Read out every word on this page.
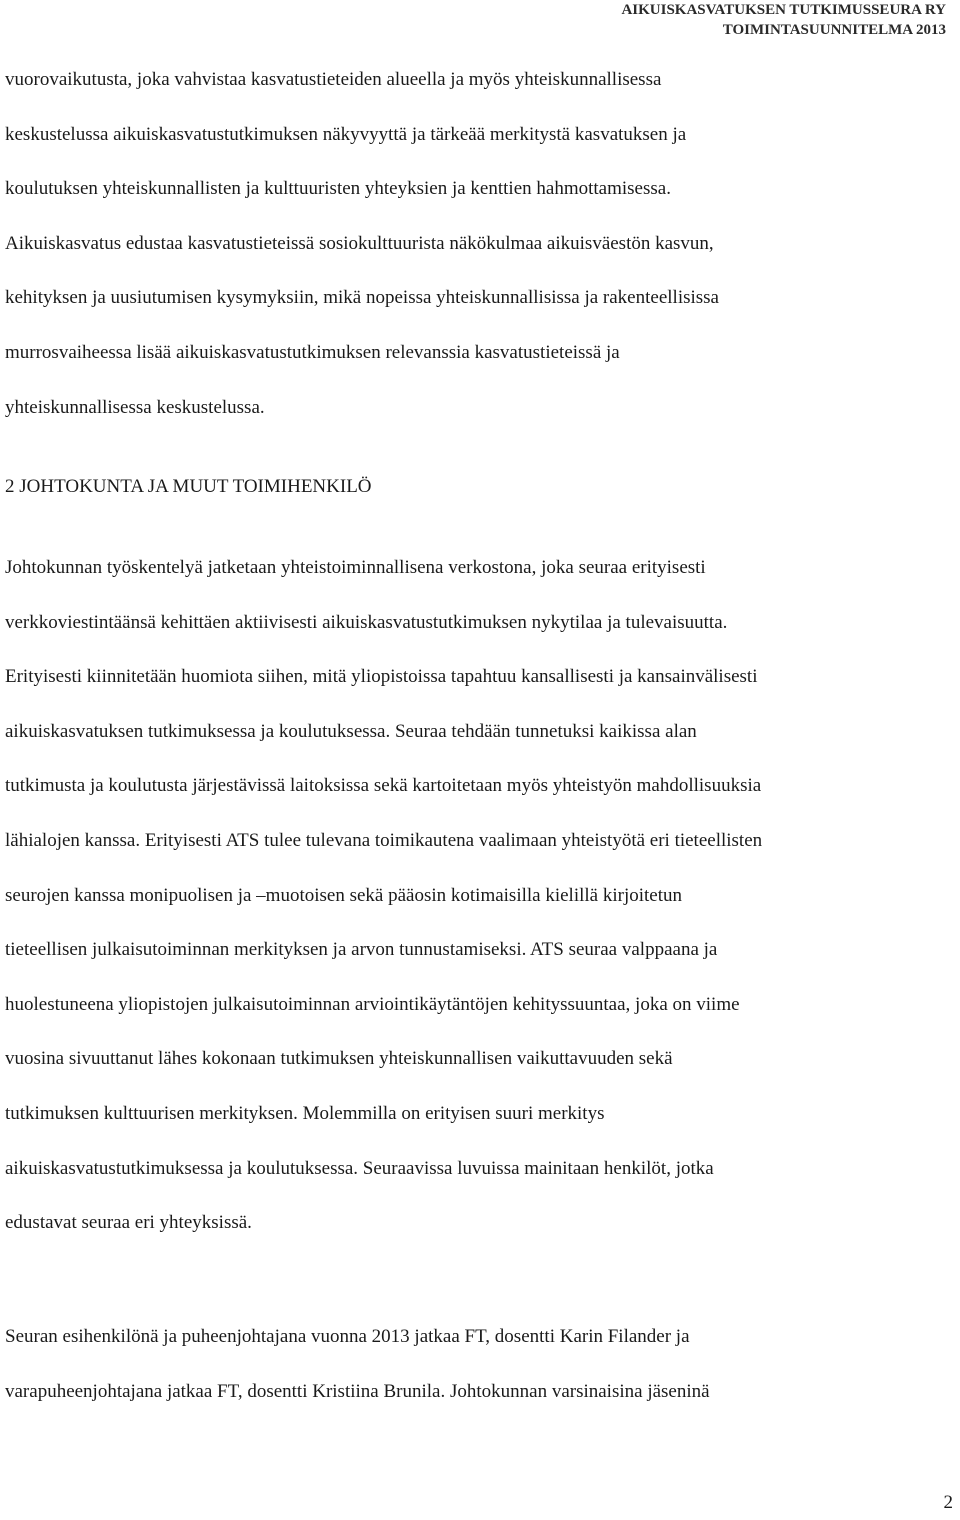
AIKUISKASVATUKSEN TUTKIMUSSEURA RY
TOIMINTASUUNNITELMA 2013
vuorovaikutusta, joka vahvistaa kasvatustieteiden alueella ja myös yhteiskunnallisessa
keskustelussa aikuiskasvatustutkimuksen näkyvyyttä ja tärkeää merkitystä kasvatuksen ja
koulutuksen yhteiskunnallisten ja kulttuuristen yhteyksien ja kenttien hahmottamisessa.
Aikuiskasvatus edustaa kasvatustieteissä sosiokulttuurista näkökulmaa aikuisväestön kasvun,
kehityksen ja uusiutumisen kysymyksiin, mikä nopeissa yhteiskunnallisissa ja rakenteellisissa
murrosvaiheessa lisää aikuiskasvatustutkimuksen relevanssia kasvatustieteissä ja
yhteiskunnallisessa keskustelussa.
2 JOHTOKUNTA JA MUUT TOIMIHENKILÖ
Johtokunnan työskentelyä jatketaan yhteistoiminnallisena verkostona, joka seuraa erityisesti
verkkoviestintäänsä kehittäen aktiivisesti aikuiskasvatustutkimuksen nykytilaa ja tulevaisuutta.
Erityisesti kiinnitetään huomiota siihen, mitä yliopistoissa tapahtuu kansallisesti ja kansainvälisesti
aikuiskasvatuksen tutkimuksessa ja koulutuksessa. Seuraa tehdään tunnetuksi kaikissa alan
tutkimusta ja koulutusta järjestävissä laitoksissa sekä kartoitetaan myös yhteistyön mahdollisuuksia
lähialojen kanssa. Erityisesti ATS tulee tulevana toimikautena vaalimaan yhteistyötä eri tieteellisten
seurojen kanssa monipuolisen ja –muotoisen sekä pääosin kotimaisilla kielillä kirjoitetun
tieteellisen julkaisutoiminnan merkityksen ja arvon tunnustamiseksi. ATS seuraa valppaana ja
huolestuneena yliopistojen julkaisutoiminnan arviointikäytäntöjen kehityssuuntaa, joka on viime
vuosina sivuuttanut lähes kokonaan tutkimuksen yhteiskunnallisen vaikuttavuuden sekä
tutkimuksen kulttuurisen merkityksen. Molemmilla on erityisen suuri merkitys
aikuiskasvatustutkimuksessa ja koulutuksessa. Seuraavissa luvuissa mainitaan henkilöt, jotka
edustavat seuraa eri yhteyksissä.
Seuran esihenkilönä ja puheenjohtajana vuonna 2013 jatkaa FT, dosentti Karin Filander ja
varapuheenjohtajana jatkaa FT, dosentti Kristiina Brunila. Johtokunnan varsinaisina jäseninä
2
